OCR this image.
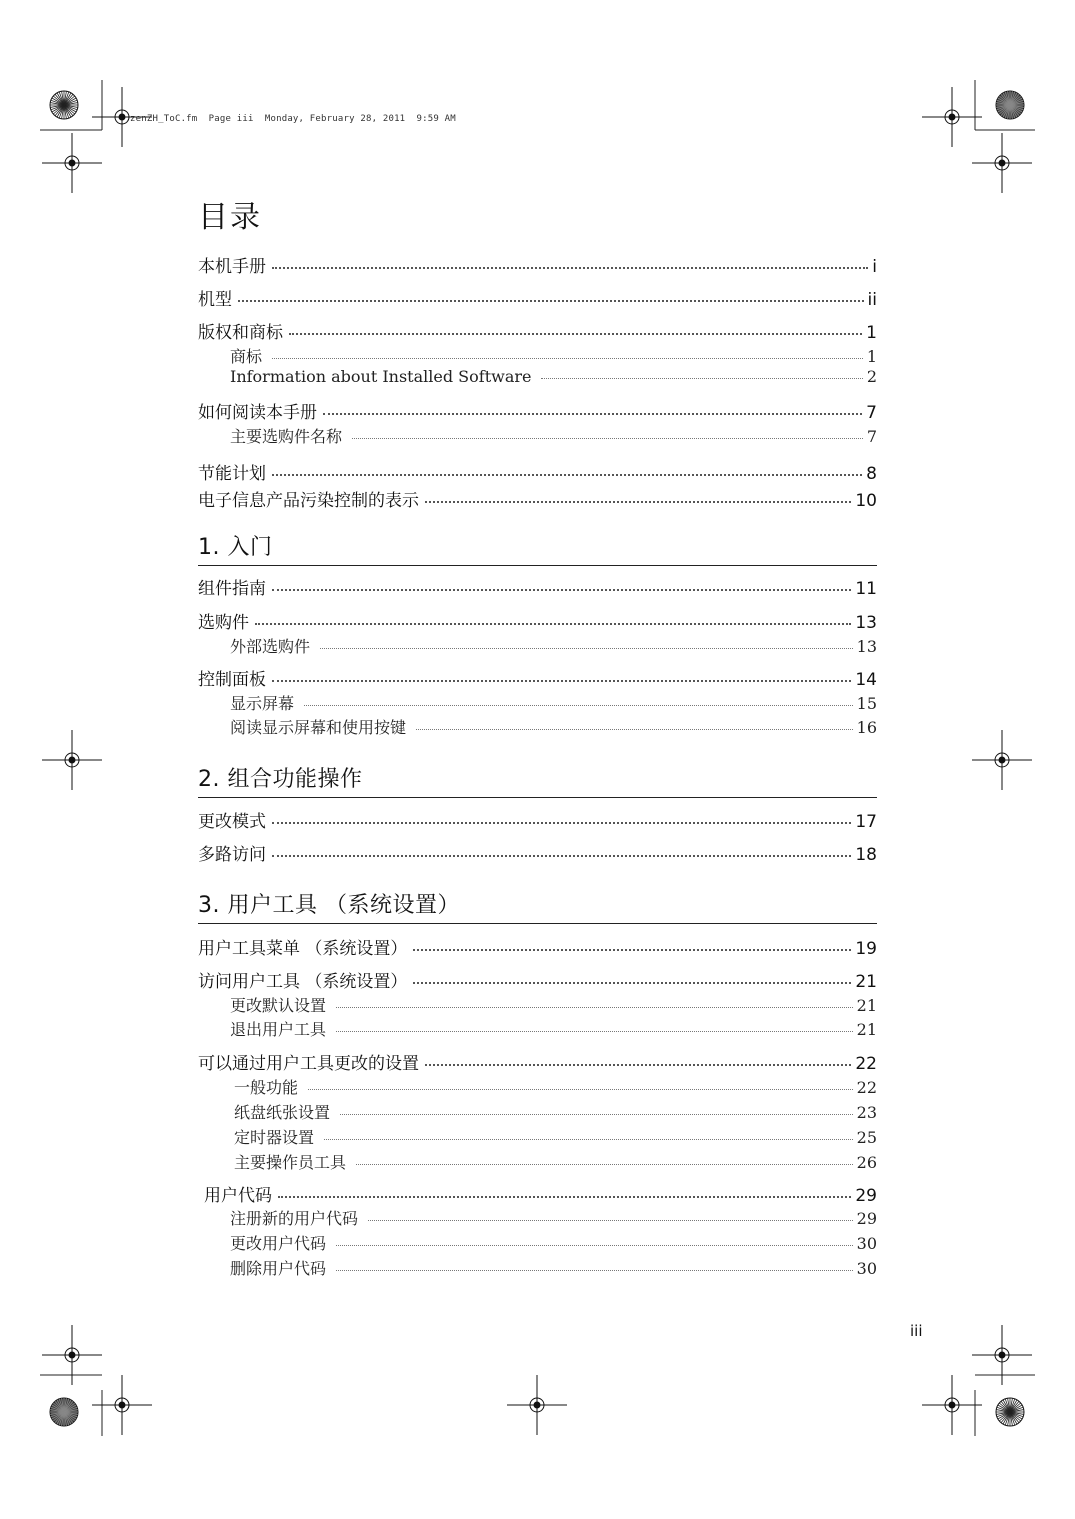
zenZH_ToC.fm  Page iii  Monday, February 28, 2011  9:59 AM
目录
本机手册	i
机型	ii
版权和商标	1
商标	1
Information about Installed Software	2
如何阅读本手册	7
主要选购件名称	7
节能计划	8
电子信息产品污染控制的表示	10
1. 入门
组件指南	11
选购件	13
外部选购件	13
控制面板	14
显示屏幕	15
阅读显示屏幕和使用按键	16
2. 组合功能操作
更改模式	17
多路访问	18
3. 用户工具 （系统设置）
用户工具菜单 （系统设置）	19
访问用户工具 （系统设置）	21
更改默认设置	21
退出用户工具	21
可以通过用户工具更改的设置	22
一般功能	22
纸盘纸张设置	23
定时器设置	25
主要操作员工具	26
用户代码	29
注册新的用户代码	29
更改用户代码	30
删除用户代码	30
iii
